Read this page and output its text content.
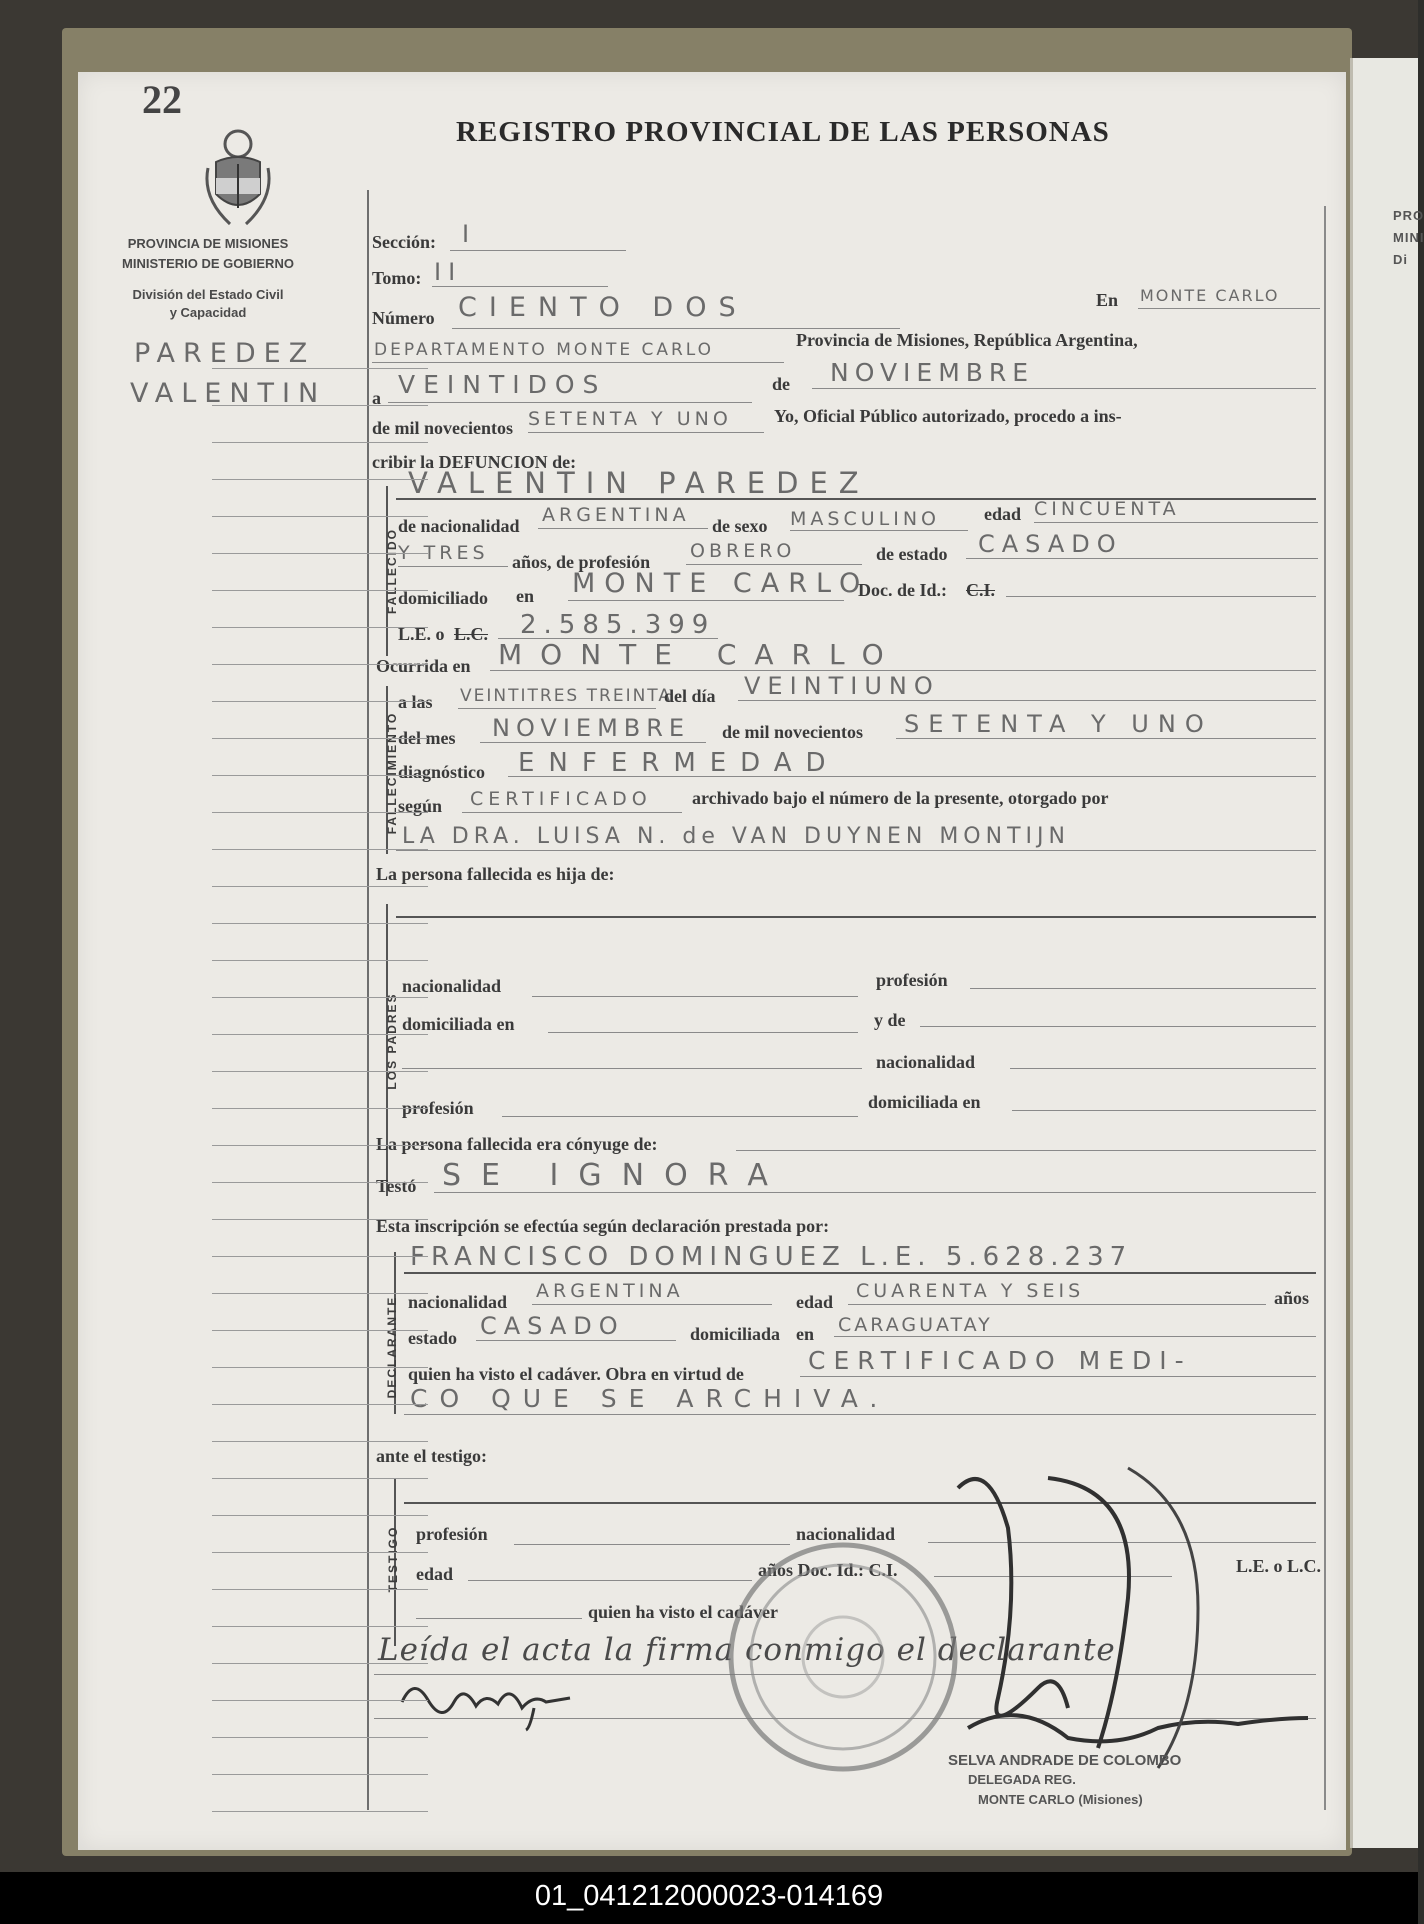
PRO
MINI
Di
22
REGISTRO PROVINCIAL DE LAS PERSONAS
PROVINCIA DE MISIONES
MINISTERIO DE GOBIERNO
División del Estado Civil
y Capacidad
PAREDEZ
VALENTIN
Sección: I
Tomo: II
Número CIENTO DOS	En MONTE CARLO
DEPARTAMENTO MONTE CARLO	Provincia de Misiones, República Argentina,
a VEINTIDOS	de NOVIEMBRE
de mil novecientos SETENTA Y UNO Yo, Oficial Público autorizado, procedo a ins-
cribir la DEFUNCION de:
FALLECIDO
VALENTIN PAREDEZ
de nacionalidad ARGENTINA de sexo MASCULINO edad CINCUENTA
Y TRES años, de profesión OBRERO	de estado CASADO
domiciliado en MONTE CARLO
Doc. de Id.: C.I.
L.E. o L.C. 2.585.399
Ocurrida en MONTE CARLO
FALLECIMIENTO
a las VEINTITRES TREINTA
del día VEINTIUNO
del mes NOVIEMBRE de mil novecientos SETENTA Y UNO
diagnóstico ENFERMEDAD
según CERTIFICADO archivado bajo el número de la presente, otorgado por
LA DRA. LUISA N. de VAN DUYNEN MONTIJN
La persona fallecida es hija de:
LOS PADRES
nacionalidad	profesión
domiciliada en	y de
nacionalidad
profesión	domiciliada en
La persona fallecida era cónyuge de:
Testó SE IGNORA
Esta inscripción se efectúa según declaración prestada por:
DECLARANTE
FRANCISCO DOMINGUEZ L.E. 5.628.237
nacionalidad ARGENTINA	edad CUARENTA Y SEIS	años
estado CASADO	domiciliada en CARAGUATAY
quien ha visto el cadáver. Obra en virtud de	CERTIFICADO MEDI-
CO QUE SE ARCHIVA.
ante el testigo:
TESTIGO profesión	nacionalidad
edad	años Doc. Id.: C.I.	L.E. o L.C.
quien ha visto el cadáver
Leída el acta la firma conmigo el declarante
SELVA ANDRADE DE COLOMBO
DELEGADA REG.
MONTE CARLO (Misiones)
01_041212000023-014169
